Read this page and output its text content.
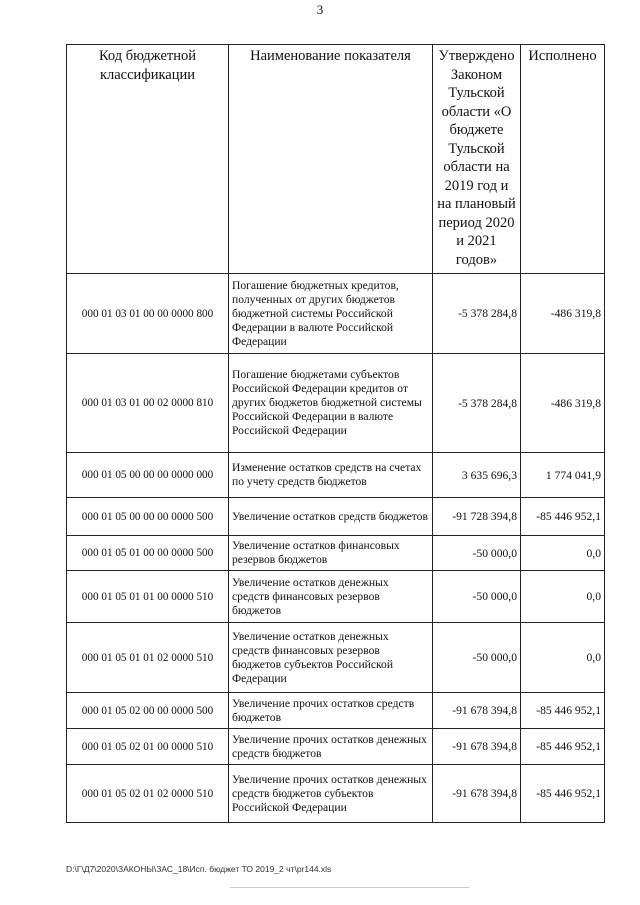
3
Код бюджетной классификации	Наименование показателя	Утверждено Законом Тульской области «О бюджете Тульской области на 2019 год и на плановый период 2020 и 2021 годов»	Исполнено
000 01 03 01 00 00 0000 800	Погашение бюджетных кредитов, полученных от других бюджетов бюджетной системы Российской Федерации в валюте Российской Федерации	-5 378 284,8	-486 319,8
000 01 03 01 00 02 0000 810	Погашение бюджетами субъектов Российской Федерации кредитов от других бюджетов бюджетной системы Российской Федерации в валюте Российской Федерации	-5 378 284,8	-486 319,8
000 01 05 00 00 00 0000 000	Изменение остатков средств на счетах по учету средств бюджетов	3 635 696,3	1 774 041,9
000 01 05 00 00 00 0000 500	Увеличение остатков средств бюджетов	-91 728 394,8	-85 446 952,1
000 01 05 01 00 00 0000 500	Увеличение остатков финансовых резервов бюджетов	-50 000,0	0,0
000 01 05 01 01 00 0000 510	Увеличение остатков денежных средств финансовых резервов бюджетов	-50 000,0	0,0
000 01 05 01 01 02 0000 510	Увеличение остатков денежных средств финансовых резервов бюджетов субъектов Российской Федерации	-50 000,0	0,0
000 01 05 02 00 00 0000 500	Увеличение прочих остатков средств бюджетов	-91 678 394,8	-85 446 952,1
000 01 05 02 01 00 0000 510	Увеличение прочих остатков денежных средств бюджетов	-91 678 394,8	-85 446 952,1
000 01 05 02 01 02 0000 510	Увеличение прочих остатков денежных средств бюджетов субъектов Российской Федерации	-91 678 394,8	-85 446 952,1
D:\Г\Д7\2020\ЗАКОНЫ\ЗАС_18\Исп. бюджет ТО 2019_2 чт\pr144.xls
